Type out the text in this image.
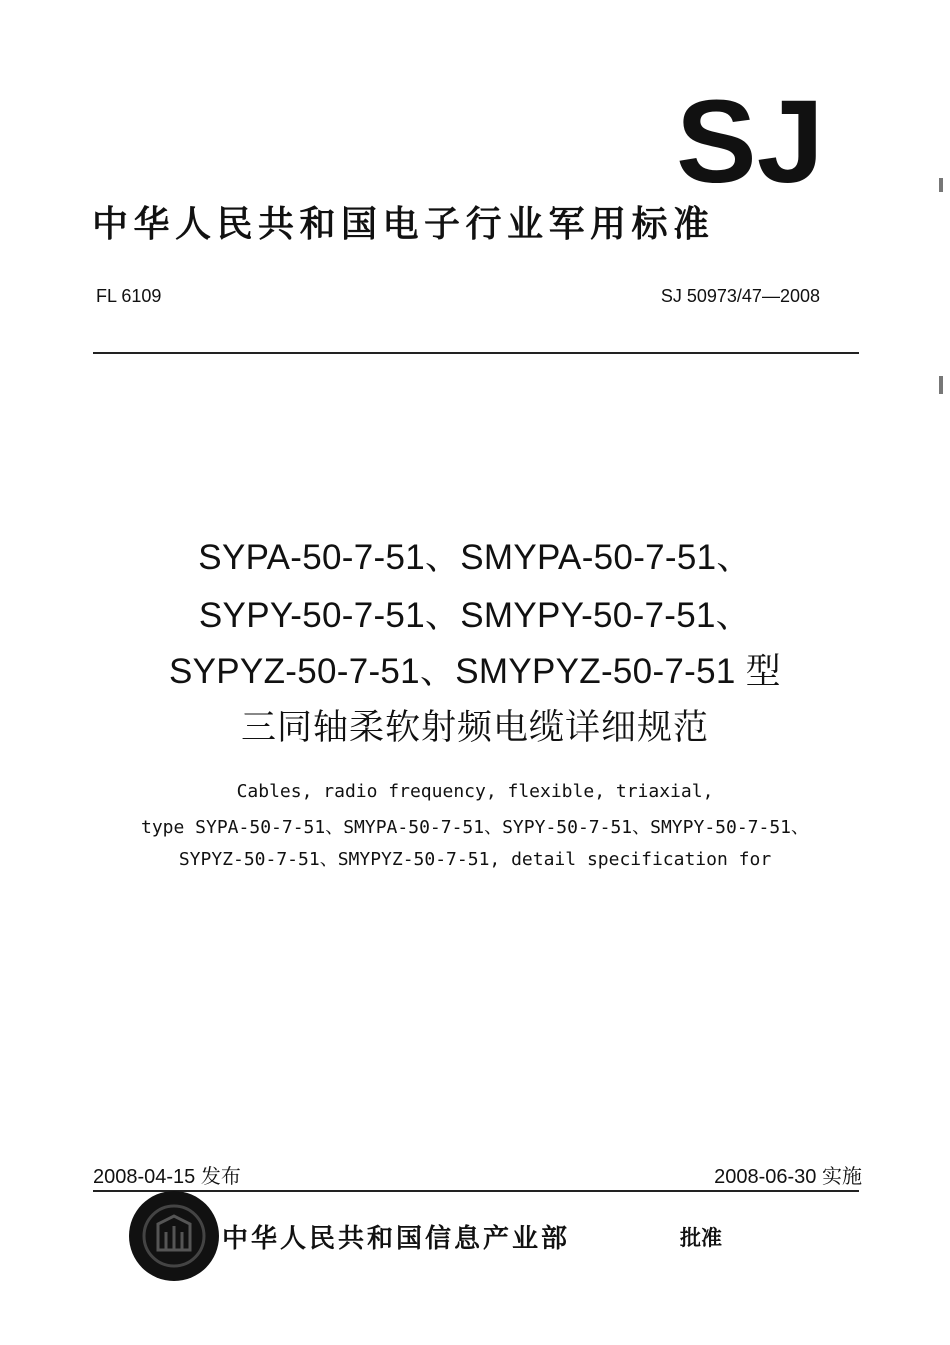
SJ
中华人民共和国电子行业军用标准
FL 6109	SJ 50973/47—2008
SYPA-50-7-51、SMYPA-50-7-51、
SYPY-50-7-51、SMYPY-50-7-51、
SYPYZ-50-7-51、SMYPYZ-50-7-51 型
三同轴柔软射频电缆详细规范
Cables, radio frequency, flexible, triaxial,
type SYPA-50-7-51、SMYPA-50-7-51、SYPY-50-7-51、SMYPY-50-7-51、
SYPYZ-50-7-51、SMYPYZ-50-7-51, detail specification for
2008-04-15 发布	2008-06-30 实施
中华人民共和国信息产业部	批准
